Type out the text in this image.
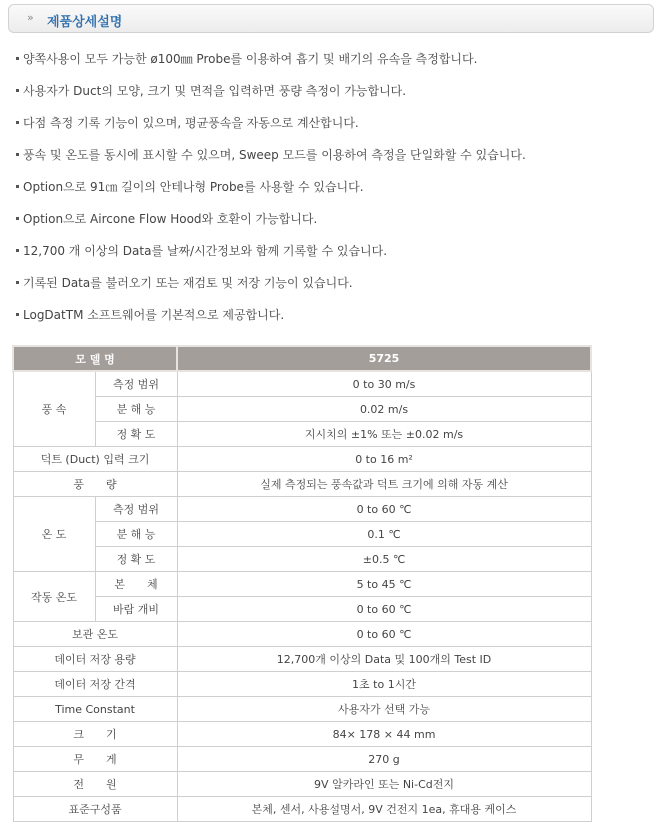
» 제품상세설명
양쪽사용이 모두 가능한 ø100㎜ Probe를 이용하여 흡기 및 배기의 유속을 측정합니다.
사용자가 Duct의 모양, 크기 및 면적을 입력하면 풍량 측정이 가능합니다.
다점 측정 기록 기능이 있으며, 평균풍속을 자동으로 계산합니다.
풍속 및 온도를 동시에 표시할 수 있으며, Sweep 모드를 이용하여 측정을 단일화할 수 있습니다.
Option으로 91㎝ 길이의 안테나형 Probe를 사용할 수 있습니다.
Option으로 Aircone Flow Hood와 호환이 가능합니다.
12,700 개 이상의 Data를 날짜/시간정보와 함께 기록할 수 있습니다.
기록된 Data를 불러오기 또는 재검토 및 저장 기능이 있습니다.
LogDatTM 소프트웨어를 기본적으로 제공합니다.
모 델 명		5725
풍 속	측정 범위	0 to 30 m/s
	분 해 능	0.02 m/s
	정 확 도	지시치의 ±1% 또는 ±0.02 m/s
덕트 (Duct) 입력 크기		0 to 16 m²
풍　　량		실제 측정되는 풍속값과 덕트 크기에 의해 자동 계산
온 도	측정 범위	0 to 60 ℃
	분 해 능	0.1 ℃
	정 확 도	±0.5 ℃
작동 온도	본　　체	5 to 45 ℃
	바람 개비	0 to 60 ℃
보관 온도		0 to 60 ℃
데이터 저장 용량		12,700개 이상의 Data 및 100개의 Test ID
데이터 저장 간격		1초 to 1시간
Time Constant		사용자가 선택 가능
크　　기		84× 178 × 44 mm
무　　게		270 g
전　　원		9V 알카라인 또는 Ni-Cd전지
표준구성품		본체, 센서, 사용설명서, 9V 건전지 1ea, 휴대용 케이스
